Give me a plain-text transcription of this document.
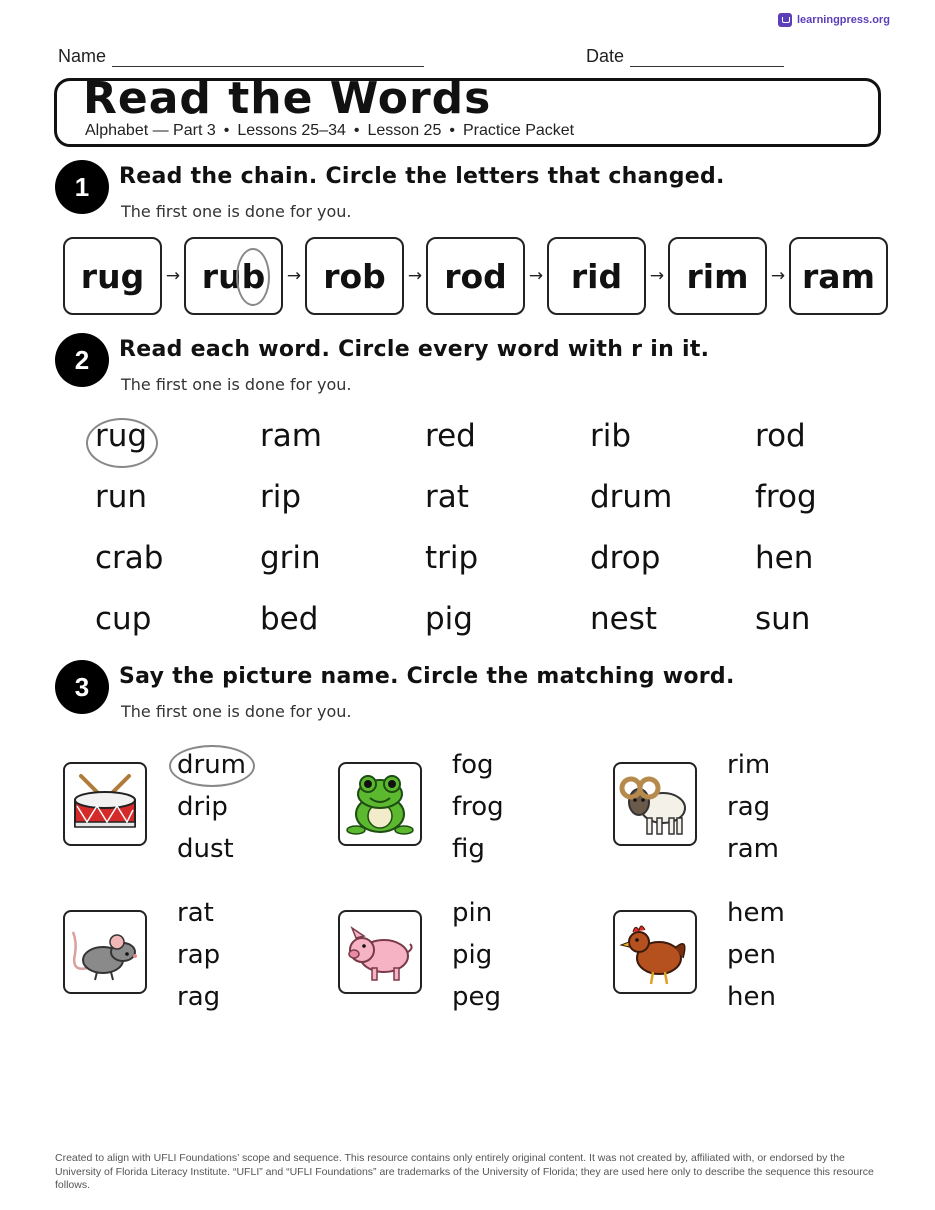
learningpress.org
Name	Date
Read the Words
Alphabet — Part 3 • Lessons 25–34 • Lesson 25 • Practice Packet
1	Read the chain. Circle the letters that changed.
The first one is done for you.
rug → rub → rob → rod → rid → rim → ram
2	Read each word. Circle every word with r in it.
The first one is done for you.
rug	ram	red	rib	rod
run	rip	rat	drum	frog
crab	grin	trip	drop	hen
cup	bed	pig	nest	sun
3	Say the picture name. Circle the matching word.
The first one is done for you.
drum
drip
dust
fog
frog
fig
rim
rag
ram
rat
rap
rag
pin
pig
peg
hem
pen
hen
Created to align with UFLI Foundations’ scope and sequence. This resource contains only entirely original content. It was not created by, affiliated with, or endorsed by the University of Florida Literacy Institute. “UFLI” and “UFLI Foundations” are trademarks of the University of Florida; they are used here only to describe the sequence this resource follows.
